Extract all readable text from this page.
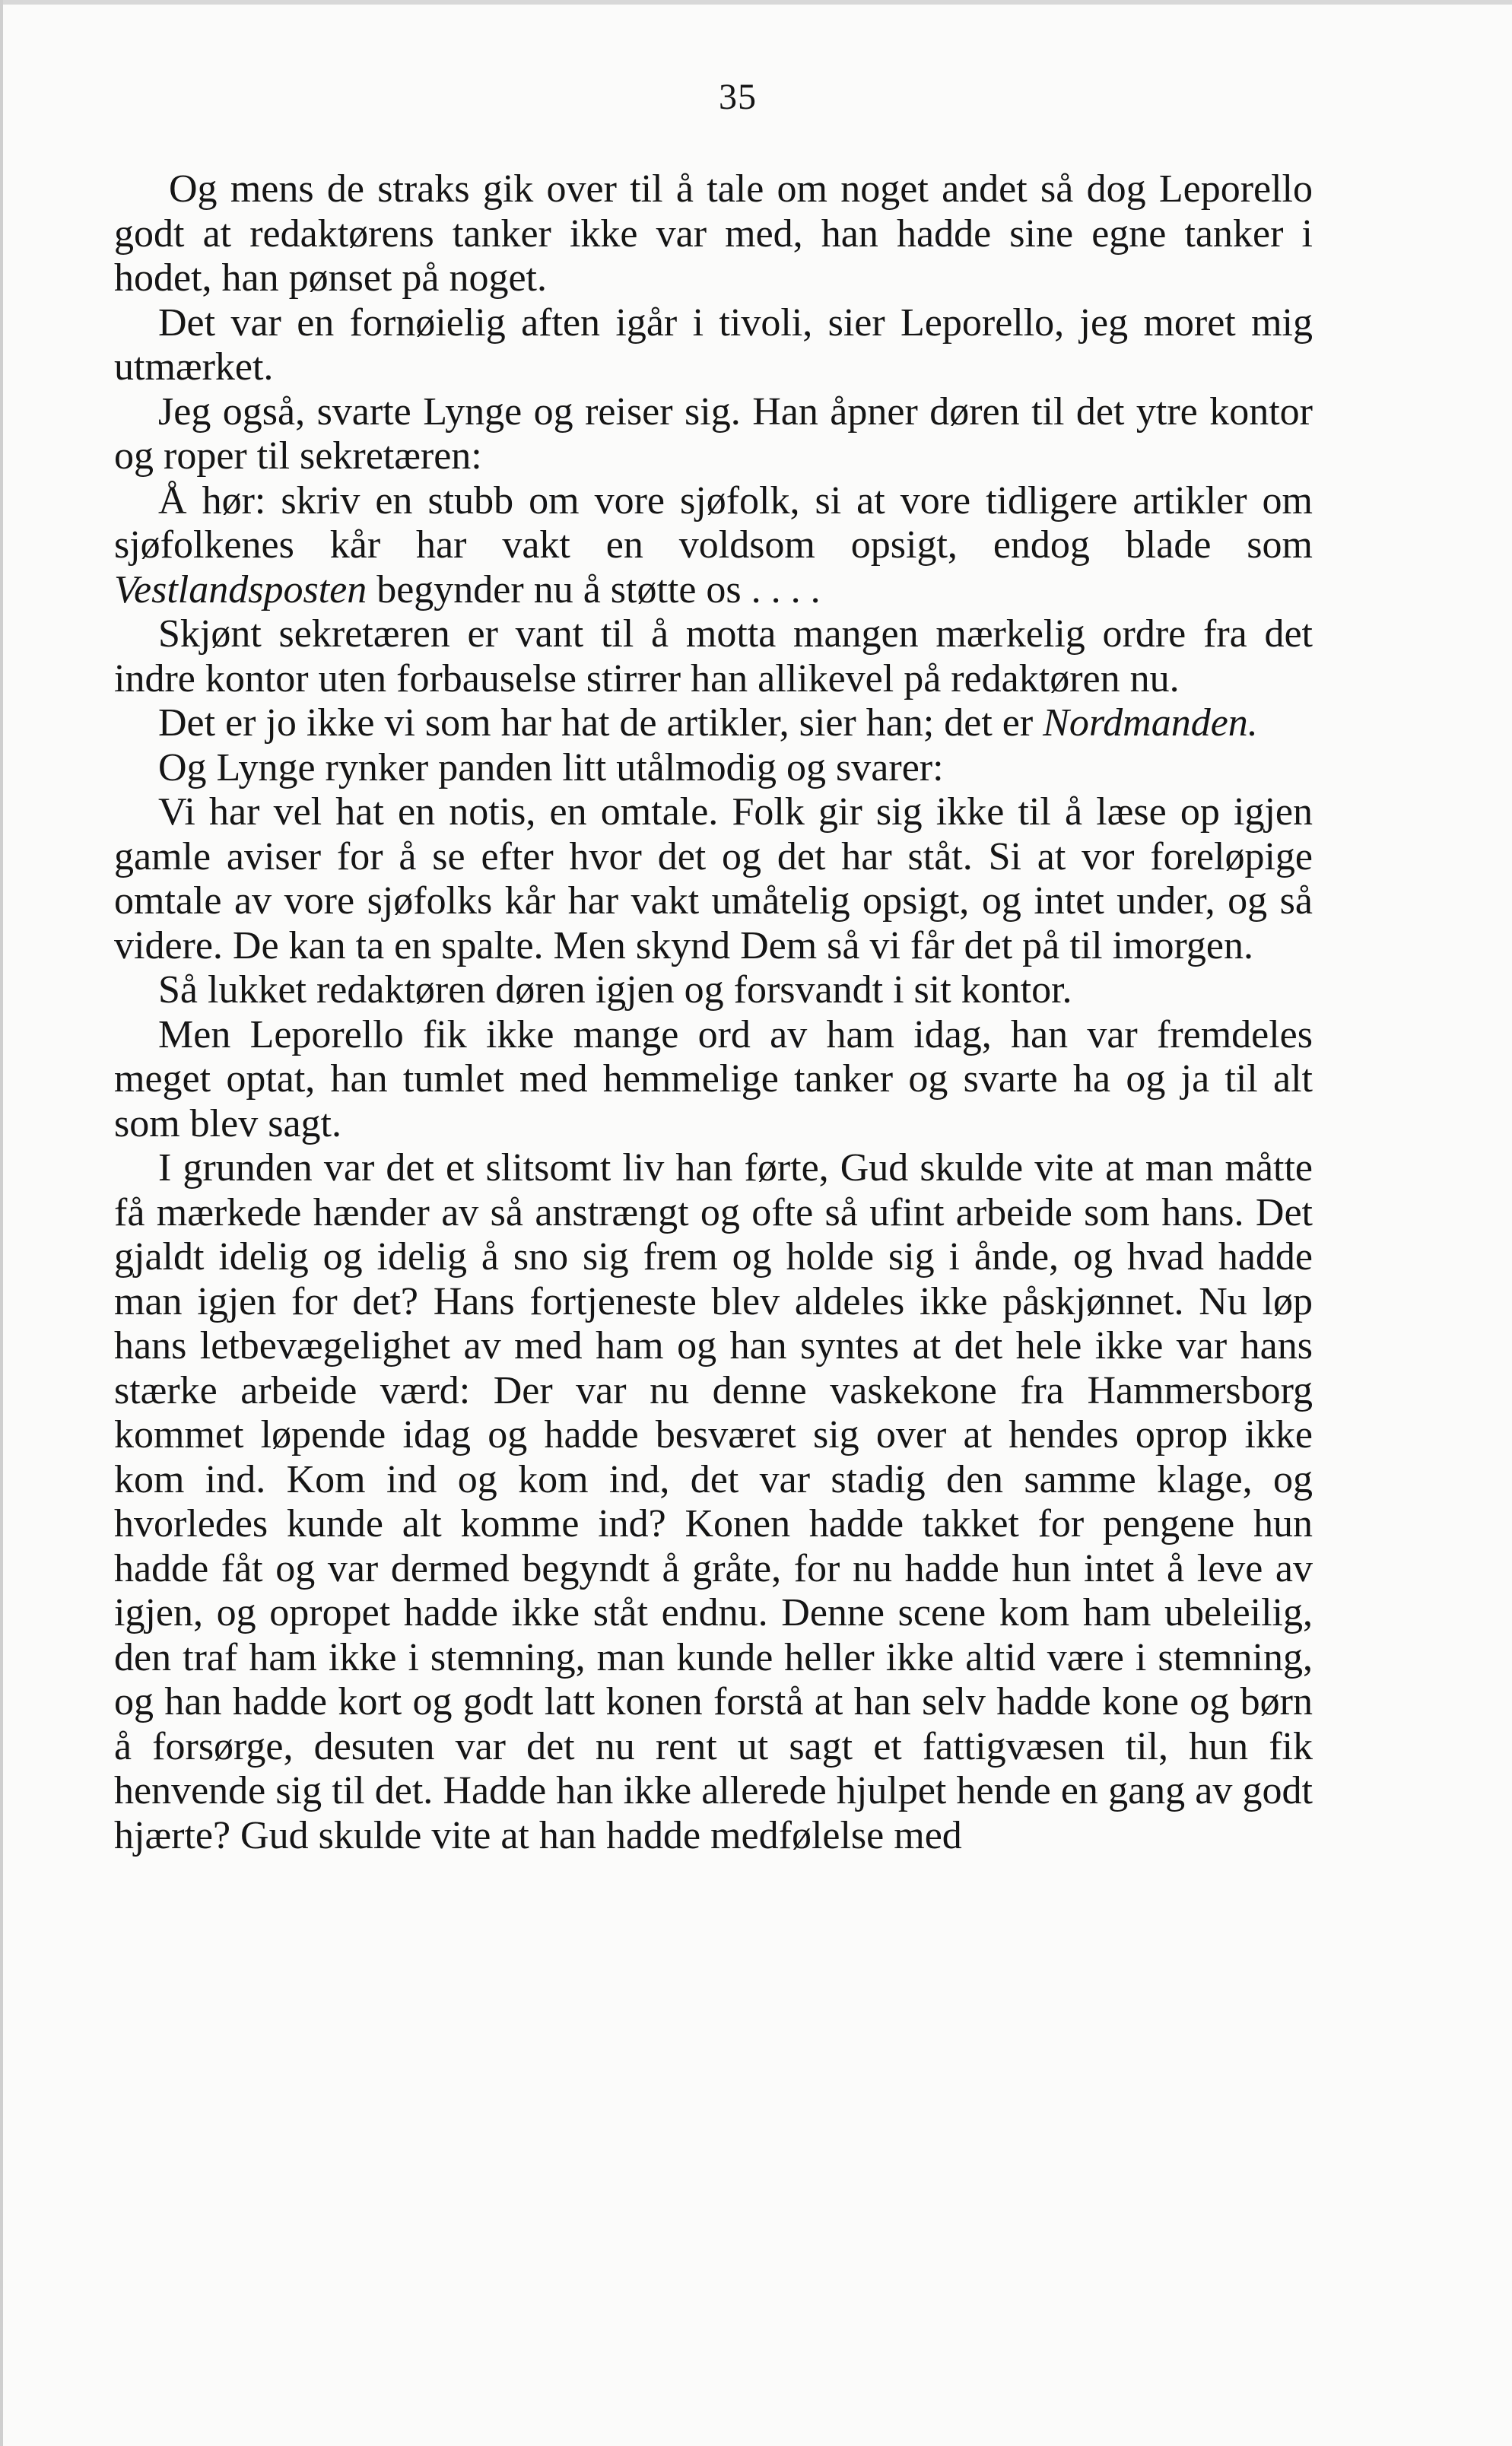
35

Og mens de straks gik over til å tale om noget andet så dog Leporello godt at redaktørens tanker ikke var med, han hadde sine egne tanker i hodet, han pønset på noget.

Det var en fornøielig aften igår i tivoli, sier Leporello, jeg moret mig utmærket.

Jeg også, svarte Lynge og reiser sig. Han åpner døren til det ytre kontor og roper til sekretæren:

Å hør: skriv en stubb om vore sjøfolk, si at vore tidligere artikler om sjøfolkenes kår har vakt en voldsom opsigt, endog blade som Vestlandsposten begynder nu å støtte os . . . .

Skjønt sekretæren er vant til å motta mangen mærkelig ordre fra det indre kontor uten forbauselse stirrer han allikevel på redaktøren nu.

Det er jo ikke vi som har hat de artikler, sier han; det er Nordmanden.

Og Lynge rynker panden litt utålmodig og svarer:

Vi har vel hat en notis, en omtale. Folk gir sig ikke til å læse op igjen gamle aviser for å se efter hvor det og det har ståt. Si at vor foreløpige omtale av vore sjøfolks kår har vakt umåtelig opsigt, og intet under, og så videre. De kan ta en spalte. Men skynd Dem så vi får det på til imorgen.

Så lukket redaktøren døren igjen og forsvandt i sit kontor.

Men Leporello fik ikke mange ord av ham idag, han var fremdeles meget optat, han tumlet med hemmelige tanker og svarte ha og ja til alt som blev sagt.

I grunden var det et slitsomt liv han førte, Gud skulde vite at man måtte få mærkede hænder av så anstrængt og ofte så ufint arbeide som hans. Det gjaldt idelig og idelig å sno sig frem og holde sig i ånde, og hvad hadde man igjen for det? Hans fortjeneste blev aldeles ikke påskjønnet. Nu løp hans letbevægelighet av med ham og han syntes at det hele ikke var hans stærke arbeide værd: Der var nu denne vaskekone fra Hammersborg kommet løpende idag og hadde besværet sig over at hendes oprop ikke kom ind. Kom ind og kom ind, det var stadig den samme klage, og hvorledes kunde alt komme ind? Konen hadde takket for pengene hun hadde fåt og var dermed begyndt å gråte, for nu hadde hun intet å leve av igjen, og opropet hadde ikke ståt endnu. Denne scene kom ham ubeleilig, den traf ham ikke i stemning, man kunde heller ikke altid være i stemning, og han hadde kort og godt latt konen forstå at han selv hadde kone og børn å forsørge, desuten var det nu rent ut sagt et fattigvæsen til, hun fik henvende sig til det. Hadde han ikke allerede hjulpet hende en gang av godt hjærte? Gud skulde vite at han hadde medfølelse med
